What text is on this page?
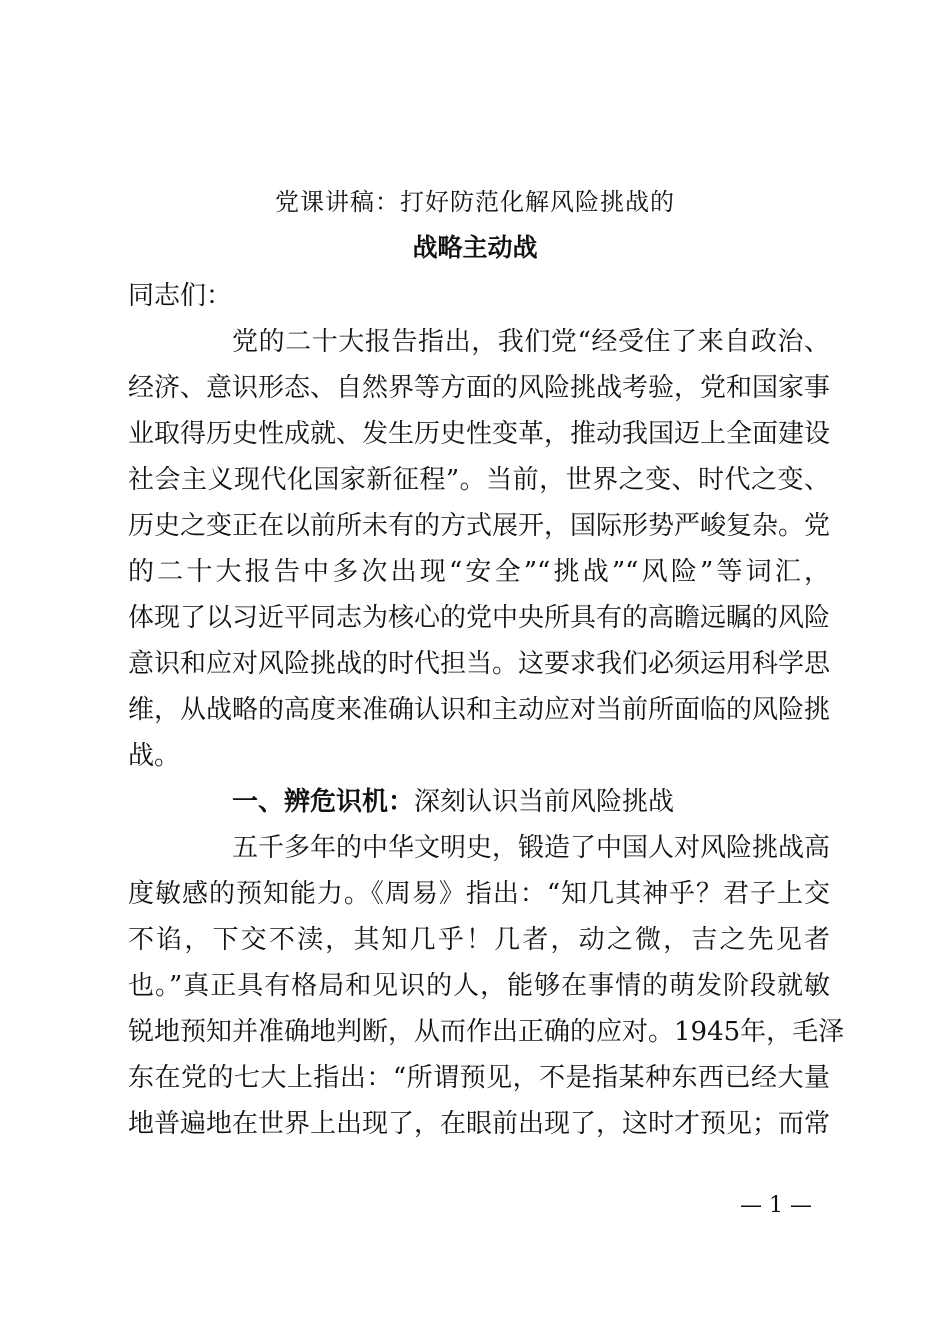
党课讲稿：打好防范化解风险挑战的
战略主动战
同志们：
党的二十大报告指出，我们党“经受住了来自政治、
经济、意识形态、自然界等方面的风险挑战考验，党和国家事
业取得历史性成就、发生历史性变革，推动我国迈上全面建设
社会主义现代化国家新征程”。当前，世界之变、时代之变、
历史之变正在以前所未有的方式展开，国际形势严峻复杂。党
的二十大报告中多次出现“安全”“挑战”“风险”等词汇，
体现了以习近平同志为核心的党中央所具有的高瞻远瞩的风险
意识和应对风险挑战的时代担当。这要求我们必须运用科学思
维，从战略的高度来准确认识和主动应对当前所面临的风险挑
战。
一、辨危识机：深刻认识当前风险挑战
五千多年的中华文明史，锻造了中国人对风险挑战高
度敏感的预知能力。《周易》指出：“知几其神乎？君子上交
不谄，下交不渎，其知几乎！几者，动之微，吉之先见者
也。”真正具有格局和见识的人，能够在事情的萌发阶段就敏
锐地预知并准确地判断，从而作出正确的应对。1945年，毛泽
东在党的七大上指出：“所谓预见，不是指某种东西已经大量
地普遍地在世界上出现了，在眼前出现了，这时才预见；而常
— 1 —
